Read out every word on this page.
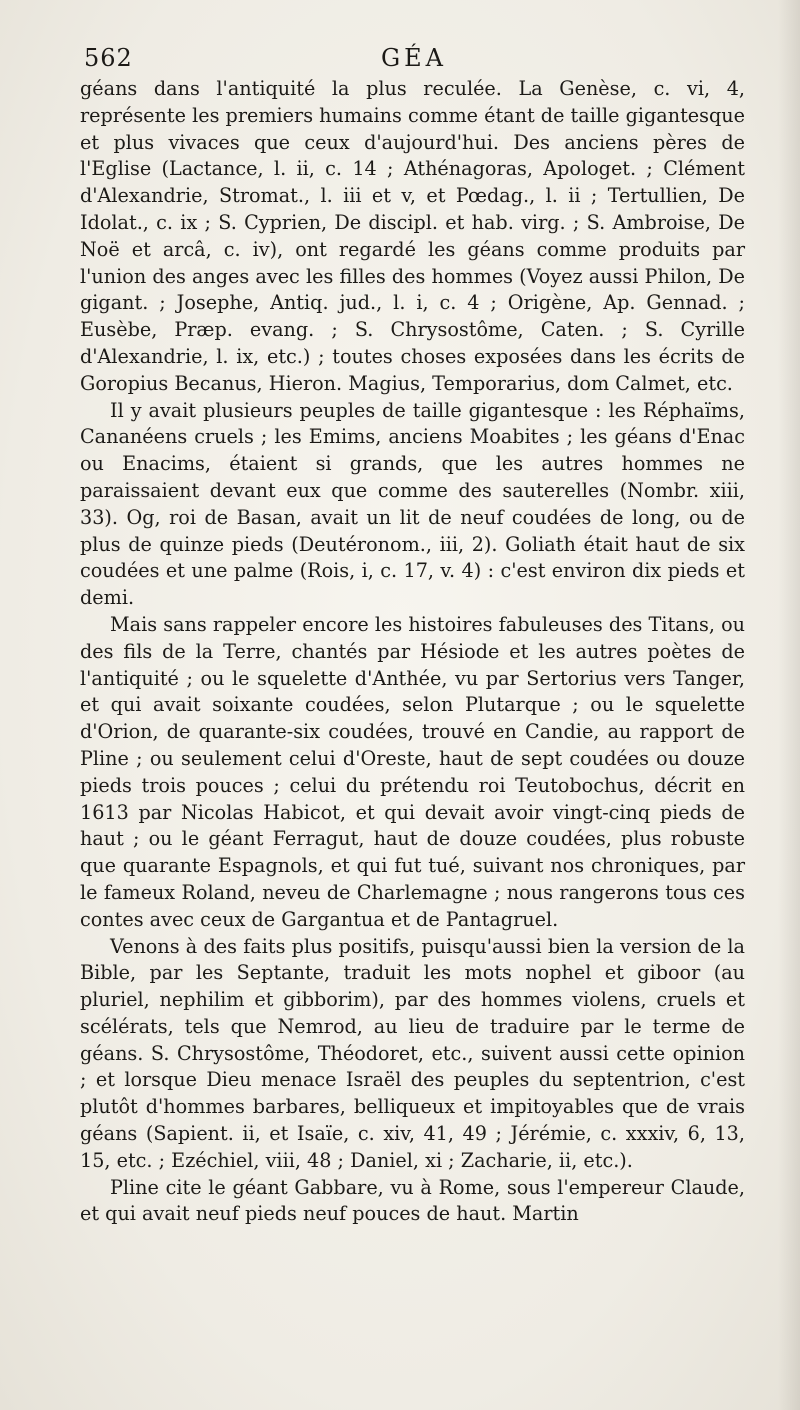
562	GÉA

géans dans l'antiquité la plus reculée. La Genèse, c. vi, 4, représente les premiers humains comme étant de taille gigantesque et plus vivaces que ceux d'aujourd'hui. Des anciens pères de l'Eglise (Lactance, l. ii, c. 14 ; Athénagoras, Apologet. ; Clément d'Alexandrie, Stromat., l. iii et v, et Pœdag., l. ii ; Tertullien, De Idolat., c. ix ; S. Cyprien, De discipl. et hab. virg. ; S. Ambroise, De Noë et arcâ, c. iv), ont regardé les géans comme produits par l'union des anges avec les filles des hommes (Voyez aussi Philon, De gigant. ; Josephe, Antiq. jud., l. i, c. 4 ; Origène, Ap. Gennad. ; Eusèbe, Præp. evang. ; S. Chrysostôme, Caten. ; S. Cyrille d'Alexandrie, l. ix, etc.) ; toutes choses exposées dans les écrits de Goropius Becanus, Hieron. Magius, Temporarius, dom Calmet, etc.

Il y avait plusieurs peuples de taille gigantesque : les Réphaïms, Cananéens cruels ; les Emims, anciens Moabites ; les géans d'Enac ou Enacims, étaient si grands, que les autres hommes ne paraissaient devant eux que comme des sauterelles (Nombr. xiii, 33). Og, roi de Basan, avait un lit de neuf coudées de long, ou de plus de quinze pieds (Deutéronom., iii, 2). Goliath était haut de six coudées et une palme (Rois, i, c. 17, v. 4) : c'est environ dix pieds et demi.

Mais sans rappeler encore les histoires fabuleuses des Titans, ou des fils de la Terre, chantés par Hésiode et les autres poètes de l'antiquité ; ou le squelette d'Anthée, vu par Sertorius vers Tanger, et qui avait soixante coudées, selon Plutarque ; ou le squelette d'Orion, de quarante-six coudées, trouvé en Candie, au rapport de Pline ; ou seulement celui d'Oreste, haut de sept coudées ou douze pieds trois pouces ; celui du prétendu roi Teutobochus, décrit en 1613 par Nicolas Habicot, et qui devait avoir vingt-cinq pieds de haut ; ou le géant Ferragut, haut de douze coudées, plus robuste que quarante Espagnols, et qui fut tué, suivant nos chroniques, par le fameux Roland, neveu de Charlemagne ; nous rangerons tous ces contes avec ceux de Gargantua et de Pantagruel.

Venons à des faits plus positifs, puisqu'aussi bien la version de la Bible, par les Septante, traduit les mots nophel et giboor (au pluriel, nephilim et gibborim), par des hommes violens, cruels et scélérats, tels que Nemrod, au lieu de traduire par le terme de géans. S. Chrysostôme, Théodoret, etc., suivent aussi cette opinion ; et lorsque Dieu menace Israël des peuples du septentrion, c'est plutôt d'hommes barbares, belliqueux et impitoyables que de vrais géans (Sapient. ii, et Isaïe, c. xiv, 41, 49 ; Jérémie, c. xxxiv, 6, 13, 15, etc. ; Ezéchiel, viii, 48 ; Daniel, xi ; Zacharie, ii, etc.).

Pline cite le géant Gabbare, vu à Rome, sous l'empereur Claude, et qui avait neuf pieds neuf pouces de haut. Martin
